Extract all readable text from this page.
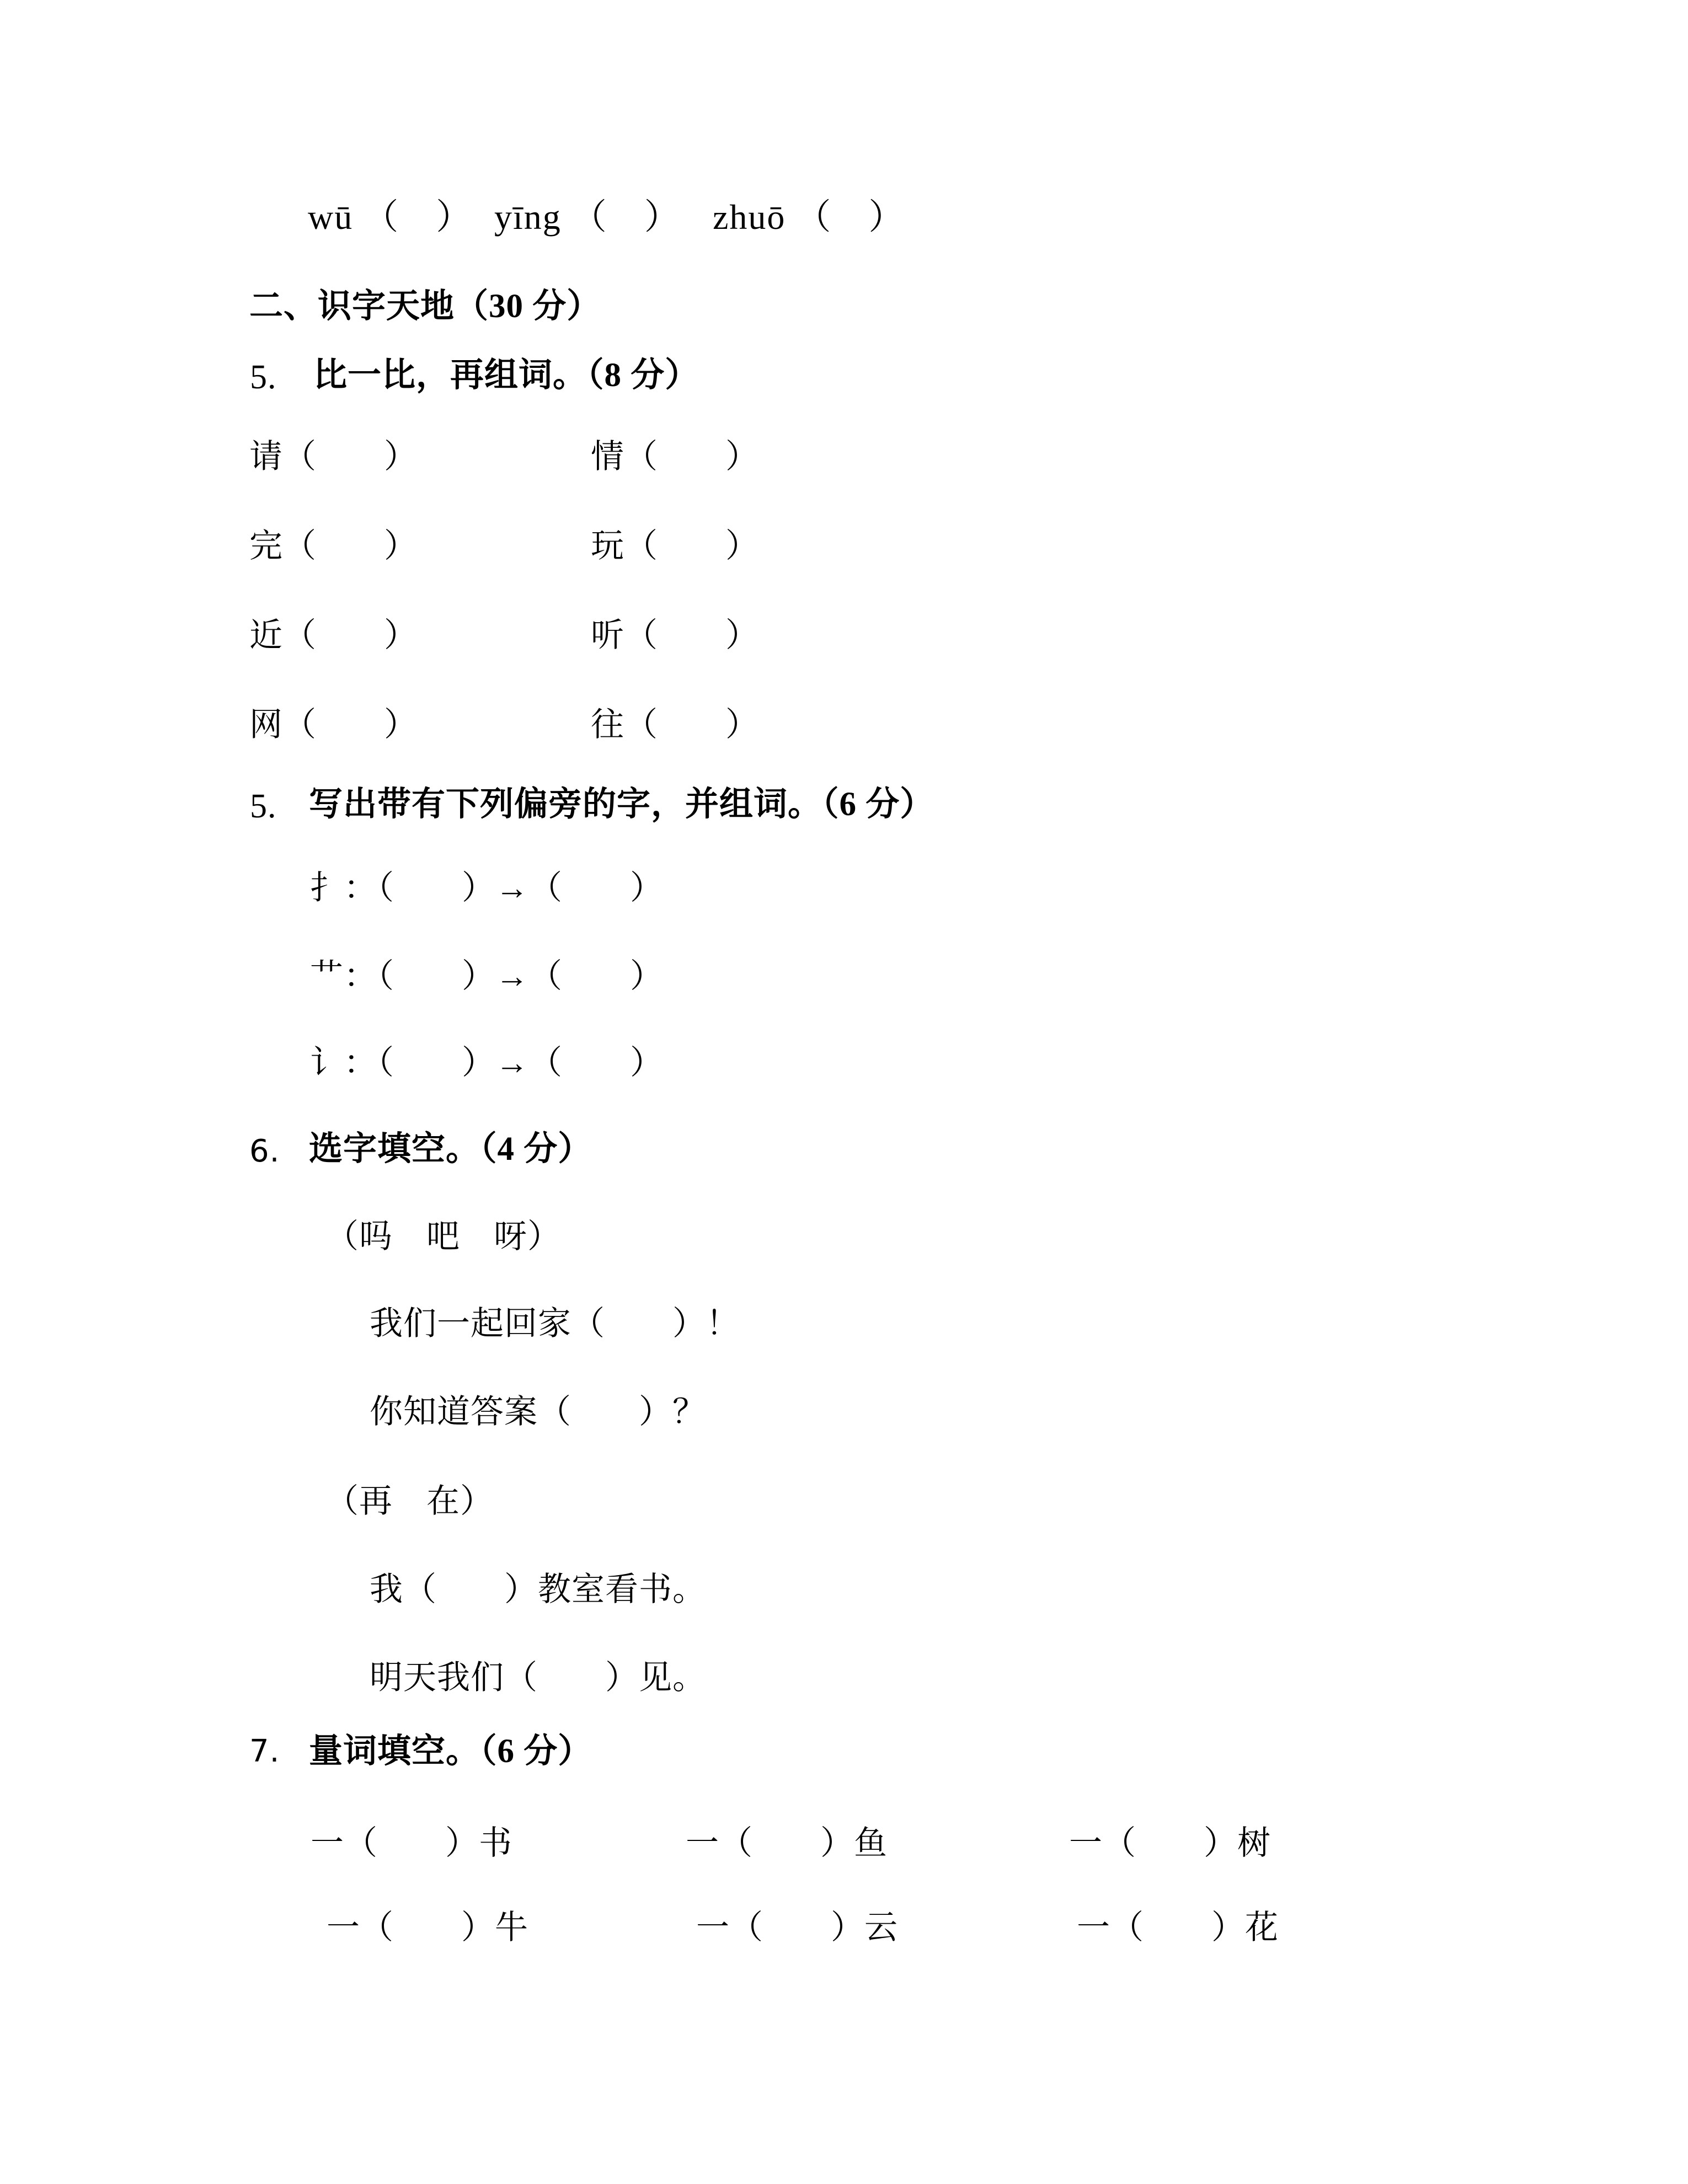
wū （　） yīng （　） zhuō （　）
二、识字天地（30 分）
5. 比一比，再组词。（8 分）
请（　　）	情（　　）
完（　　）	玩（　　）
近（　　）	听（　　）
网（　　）	往（　　）
5. 写出带有下列偏旁的字，并组词。（6 分）
扌：（　　）→（　　）
艹：（　　）→（　　）
讠：（　　）→（　　）
6. 选字填空。（4 分）
（吗　吧　呀）
我们一起回家（　　）！
你知道答案（　　）？
（再　在）
我（　　）教室看书。
明天我们（　　）见。
7. 量词填空。（6 分）
一（　　）书	一（　　）鱼	一（　　）树
一（　　）牛	一（　　）云	一（　　）花
